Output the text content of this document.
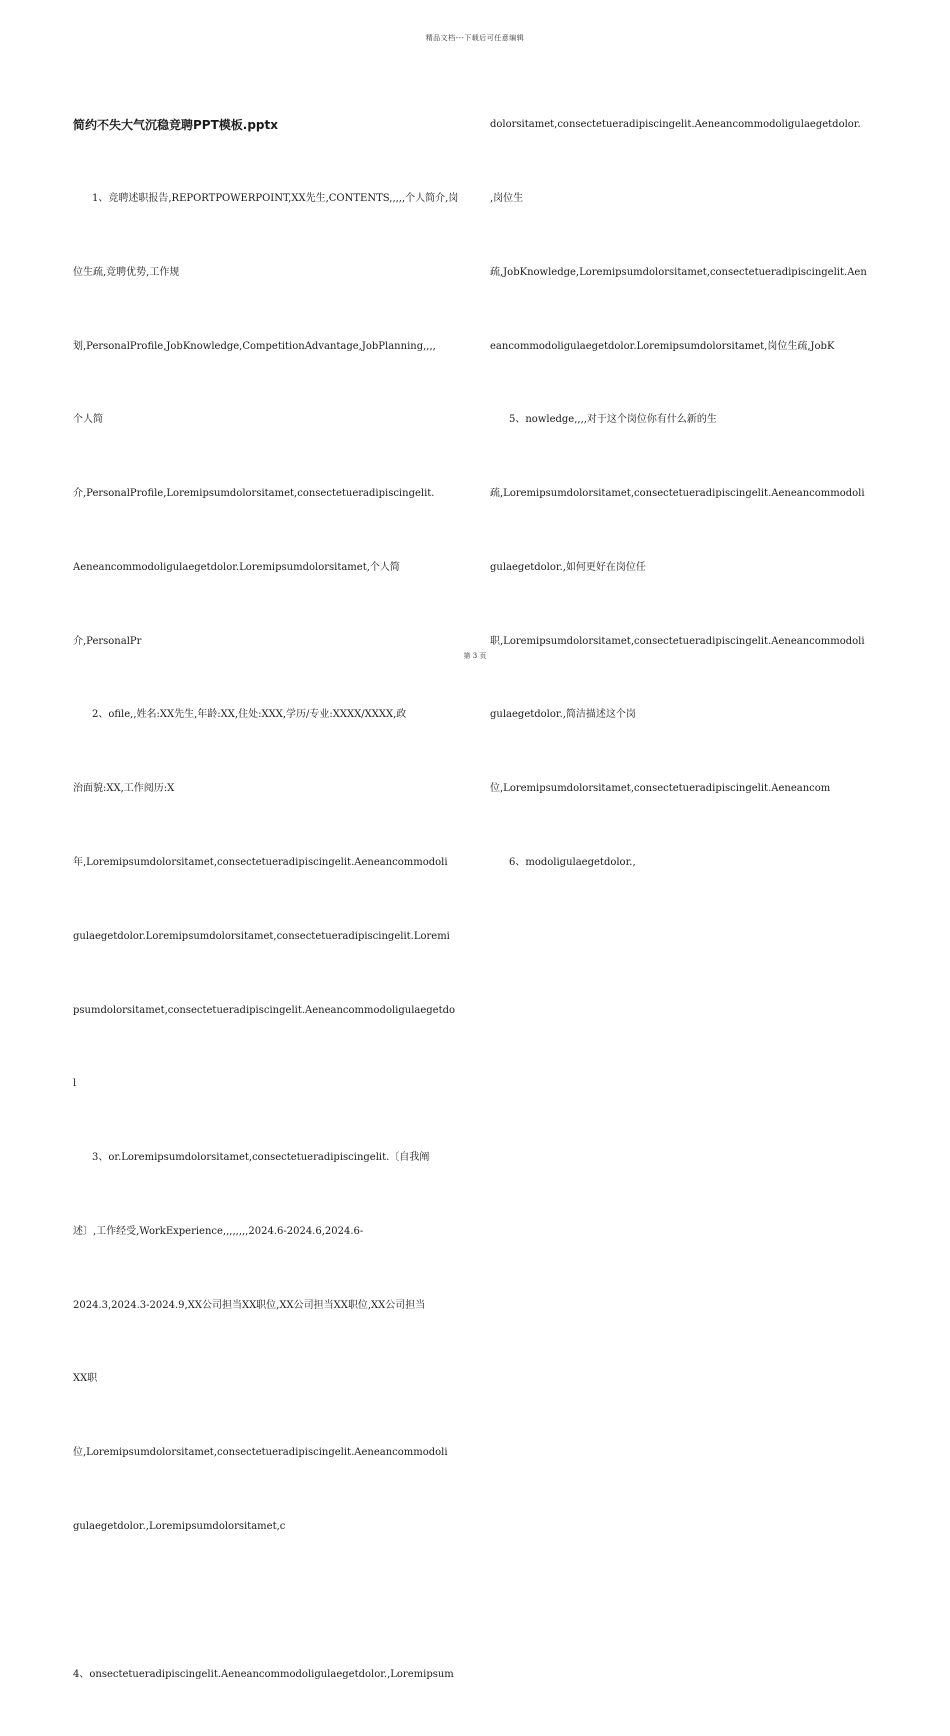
精品文档---下载后可任意编辑

简约不失大气沉稳竞聘PPT模板.pptx

1、竞聘述职报告,REPORTPOWERPOINT,XX先生,CONTENTS,,,,,个人简介,岗

位生疏,竞聘优势,工作规

划,PersonalProfile,JobKnowledge,CompetitionAdvantage,JobPlanning,,,,

个人简

介,PersonalProfile,Loremipsumdolorsitamet,consectetueradipiscingelit.

Aeneancommodoligulaegetdolor.Loremipsumdolorsitamet,个人简

介,PersonalPr

2、ofile,,姓名:XX先生,年龄:XX,住处:XXX,学历/专业:XXXX/XXXX,政

治面貌:XX,工作阅历:X

年,Loremipsumdolorsitamet,consectetueradipiscingelit.Aeneancommodoli

gulaegetdolor.Loremipsumdolorsitamet,consectetueradipiscingelit.Loremi

psumdolorsitamet,consectetueradipiscingelit.Aeneancommodoligulaegetdo

l

3、or.Loremipsumdolorsitamet,consectetueradipiscingelit.〔自我阐

述〕,工作经受,WorkExperience,,,,,,,,2024.6-2024.6,2024.6-

2024.3,2024.3-2024.9,XX公司担当XX职位,XX公司担当XX职位,XX公司担当

XX职

位,Loremipsumdolorsitamet,consectetueradipiscingelit.Aeneancommodoli

gulaegetdolor.,Loremipsumdolorsitamet,c

4、onsectetueradipiscingelit.Aeneancommodoligulaegetdolor.,Loremipsum

dolorsitamet,consectetueradipiscingelit.Aeneancommodoligulaegetdolor.

,岗位生

疏,JobKnowledge,Loremipsumdolorsitamet,consectetueradipiscingelit.Aen

eancommodoligulaegetdolor.Loremipsumdolorsitamet,岗位生疏,JobK

5、nowledge,,,,对于这个岗位你有什么新的生

疏,Loremipsumdolorsitamet,consectetueradipiscingelit.Aeneancommodoli

gulaegetdolor.,如何更好在岗位任

职,Loremipsumdolorsitamet,consectetueradipiscingelit.Aeneancommodoli

gulaegetdolor.,简洁描述这个岗

位,Loremipsumdolorsitamet,consectetueradipiscingelit.Aeneancom

6、modoligulaegetdolor.,

第 3 页
